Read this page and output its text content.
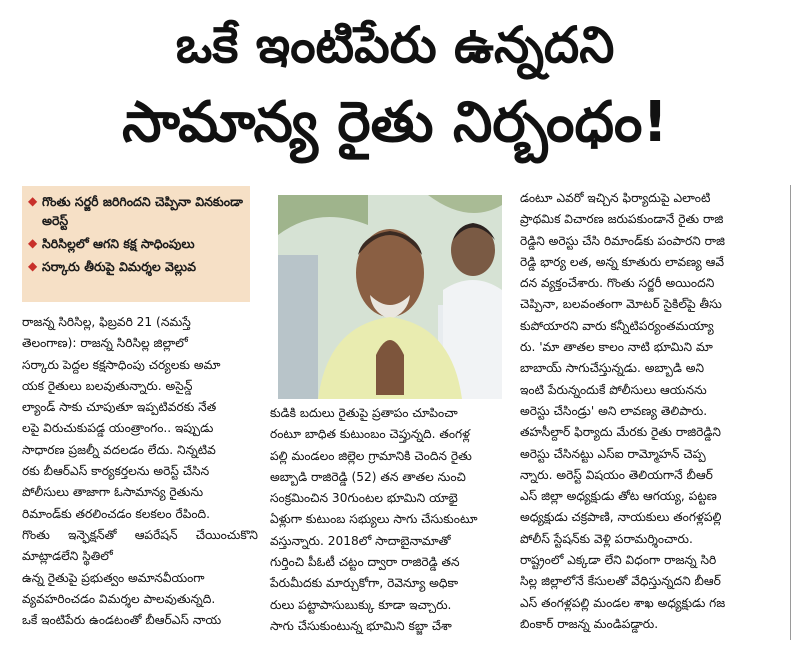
ఒకే ఇంటిపేరు ఉన్నదని
సామాన్య రైతు నిర్బంధం!
◆ గొంతు సర్జరీ జరిగిందని చెప్పినా వినకుండా అరెస్ట్
◆ సిరిసిల్లలో ఆగని కక్ష సాధింపులు
◆ సర్కారు తీరుపై విమర్శల వెల్లువ

రాజన్న సిరిసిల్ల, ఫిబ్రవరి 21 (నమస్తే

తెలంగాణ): రాజన్న సిరిసిల్ల జిల్లాలో

సర్కారు పెద్దల కక్షసాధింపు చర్యలకు అమా

యక రైతులు బలవుతున్నారు. అసైన్డ్

ల్యాండ్ సాకు చూపుతూ ఇప్పటివరకు నేత

లపై విరుచుకుపడ్డ యంత్రాంగం.. ఇప్పుడు

సాధారణ ప్రజల్నీ వదలడం లేదు. నిన్నటివ

రకు బీఆర్ఎస్ కార్యకర్తలను అరెస్ట్ చేసిన

పోలీసులు తాజాగా ఓసామాన్య రైతును

రిమాండ్‌కు తరలించడం కలకలం రేపింది.

గొంతు ఇన్ఫెక్షన్‌తో ఆపరేషన్ చేయించుకొని మాట్లాడలేని స్థితిలో

ఉన్న రైతుపై ప్రభుత్వం అమానవీయంగా

వ్యవహరించడం విమర్శల పాలవుతున్నది.

ఒకే ఇంటిపేరు ఉండటంతో బీఆర్ఎస్ నాయ

కుడికి బదులు రైతుపై ప్రతాపం చూపించా

రంటూ బాధిత కుటుంబం చెప్తున్నది. తంగళ్ల

పల్లి మండలం జిల్లెల గ్రామానికి చెందిన రైతు

అబ్బాడి రాజిరెడ్డి (52) తన తాతల నుంచి

సంక్రమించిన 30గుంటల భూమిని యాభై

ఏళ్లుగా కుటుంబ సభ్యులు సాగు చేసుకుంటూ

వస్తున్నారు. 2018లో సాదాబైనామాతో

గుర్తించి పీఓటీ చట్టం ద్వారా రాజిరెడ్డి తన

పేరుమీదకు మార్చుకోగా, రెవెన్యూ అధికా

రులు పట్టాపాసుబుక్కు కూడా ఇచ్చారు.

సాగు చేసుకుంటున్న భూమిని కబ్జా చేశా

డంటూ ఎవరో ఇచ్చిన ఫిర్యాదుపై ఎలాంటి

ప్రాథమిక విచారణ జరుపకుండానే రైతు రాజి

రెడ్డిని అరెస్టు చేసి రిమాండ్‌కు పంపారని రాజి

రెడ్డి భార్య లత, అన్న కూతురు లావణ్య ఆవే

దన వ్యక్తంచేశారు. గొంతు సర్జరీ అయిందని

చెప్పినా, బలవంతంగా మోటర్ సైకిల్‌పై తీసు

కుపోయారని వారు కన్నీటిపర్యంతమయ్యా

రు. 'మా తాతల కాలం నాటి భూమిని మా

బాబాయ్ సాగుచేస్తున్నడు. అబ్బాడి అని

ఇంటి పేరున్నందుకే పోలీసులు ఆయనను

అరెస్టు చేసిండ్రు' అని లావణ్య తెలిపారు.

తహసీల్దార్ ఫిర్యాదు మేరకు రైతు రాజిరెడ్డిని

అరెస్టు చేసినట్టు ఎస్ఐ రామ్మోహన్ చెప్ప

న్నారు. అరెస్ట్ విషయం తెలియగానే బీఆర్

ఎస్ జిల్లా అధ్యక్షుడు తోట ఆగయ్య, పట్టణ

అధ్యక్షుడు చక్రపాణి, నాయకులు తంగళ్లపల్లి

పోలీస్ స్టేషన్‌కు వెళ్లి పరామర్శించారు.

రాష్ట్రంలో ఎక్కడా లేని విధంగా రాజన్న సిరి

సిల్ల జిల్లాలోనే కేసులతో వేధిస్తున్నదని బీఆర్

ఎస్ తంగళ్లపల్లి మండల శాఖ అధ్యక్షుడు గజ

బింకార్ రాజన్న మండిపడ్డారు.
